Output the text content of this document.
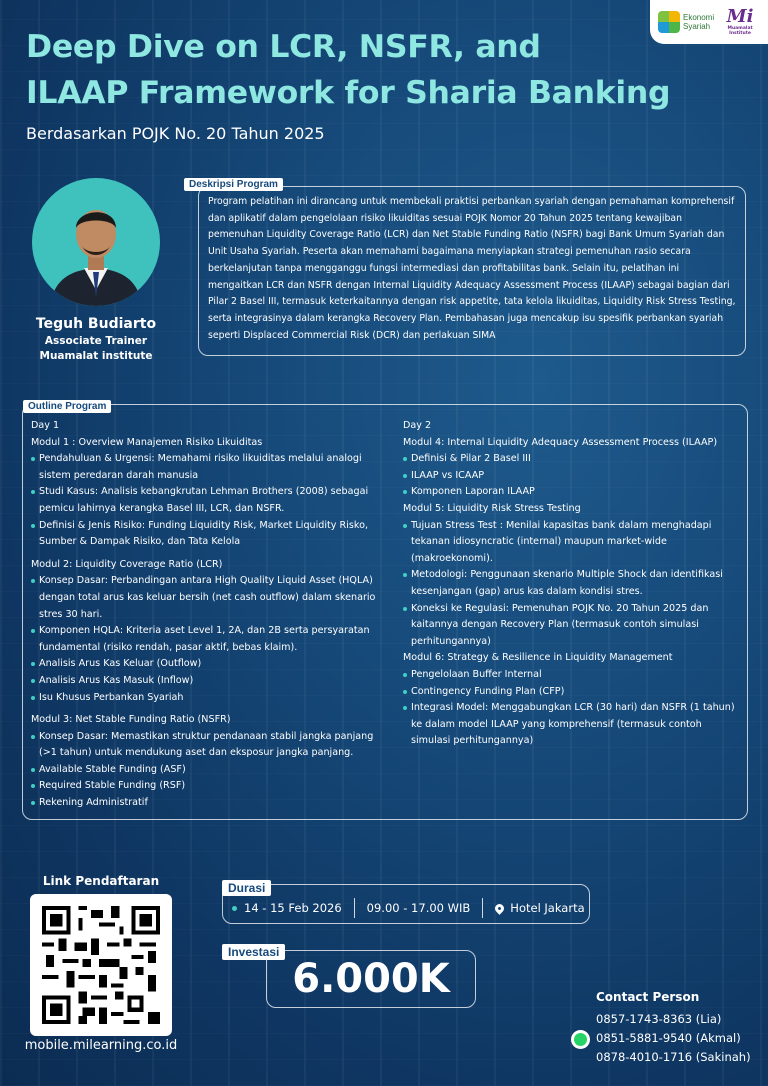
Ekonomi
Syariah Mi
Muamalat Institute
Deep Dive on LCR, NSFR, and
ILAAP Framework for Sharia Banking
Berdasarkan POJK No. 20 Tahun 2025
Teguh Budiarto
Associate Trainer
Muamalat institute
Deskripsi Program
Program pelatihan ini dirancang untuk membekali praktisi perbankan syariah dengan pemahaman komprehensif dan aplikatif dalam pengelolaan risiko likuiditas sesuai POJK Nomor 20 Tahun 2025 tentang kewajiban pemenuhan Liquidity Coverage Ratio (LCR) dan Net Stable Funding Ratio (NSFR) bagi Bank Umum Syariah dan Unit Usaha Syariah. Peserta akan memahami bagaimana menyiapkan strategi pemenuhan rasio secara berkelanjutan tanpa mengganggu fungsi intermediasi dan profitabilitas bank. Selain itu, pelatihan ini mengaitkan LCR dan NSFR dengan Internal Liquidity Adequacy Assessment Process (ILAAP) sebagai bagian dari Pilar 2 Basel III, termasuk keterkaitannya dengan risk appetite, tata kelola likuiditas, Liquidity Risk Stress Testing, serta integrasinya dalam kerangka Recovery Plan. Pembahasan juga mencakup isu spesifik perbankan syariah seperti Displaced Commercial Risk (DCR) dan perlakuan SIMA
Outline Program
Day 1
Modul 1 : Overview Manajemen Risiko Likuiditas
Pendahuluan & Urgensi: Memahami risiko likuiditas melalui analogi sistem peredaran darah manusia
Studi Kasus: Analisis kebangkrutan Lehman Brothers (2008) sebagai pemicu lahirnya kerangka Basel III, LCR, dan NSFR.
Definisi & Jenis Risiko: Funding Liquidity Risk, Market Liquidity Risko, Sumber & Dampak Risiko, dan Tata Kelola
Modul 2: Liquidity Coverage Ratio (LCR)
Konsep Dasar: Perbandingan antara High Quality Liquid Asset (HQLA) dengan total arus kas keluar bersih (net cash outflow) dalam skenario stres 30 hari.
Komponen HQLA: Kriteria aset Level 1, 2A, dan 2B serta persyaratan fundamental (risiko rendah, pasar aktif, bebas klaim).
Analisis Arus Kas Keluar (Outflow)
Analisis Arus Kas Masuk (Inflow)
Isu Khusus Perbankan Syariah
Modul 3: Net Stable Funding Ratio (NSFR)
Konsep Dasar: Memastikan struktur pendanaan stabil jangka panjang (>1 tahun) untuk mendukung aset dan eksposur jangka panjang.
Available Stable Funding (ASF)
Required Stable Funding (RSF)
Rekening Administratif
Day 2
Modul 4: Internal Liquidity Adequacy Assessment Process (ILAAP)
Definisi & Pilar 2 Basel III
ILAAP vs ICAAP
Komponen Laporan ILAAP
Modul 5: Liquidity Risk Stress Testing
Tujuan Stress Test : Menilai kapasitas bank dalam menghadapi tekanan idiosyncratic (internal) maupun market-wide (makroekonomi).
Metodologi: Penggunaan skenario Multiple Shock dan identifikasi kesenjangan (gap) arus kas dalam kondisi stres.
Koneksi ke Regulasi: Pemenuhan POJK No. 20 Tahun 2025 dan kaitannya dengan Recovery Plan (termasuk contoh simulasi perhitungannya)
Modul 6: Strategy & Resilience in Liquidity Management
Pengelolaan Buffer Internal
Contingency Funding Plan (CFP)
Integrasi Model: Menggabungkan LCR (30 hari) dan NSFR (1 tahun) ke dalam model ILAAP yang komprehensif (termasuk contoh simulasi perhitungannya)
Link Pendaftaran
mobile.milearning.co.id
Durasi
14 - 15 Feb 2026 09.00 - 17.00 WIB	Hotel Jakarta
Investasi
6.000K	Contact Person
0857-1743-8363 (Lia)
0851-5881-9540 (Akmal)
0878-4010-1716 (Sakinah)
